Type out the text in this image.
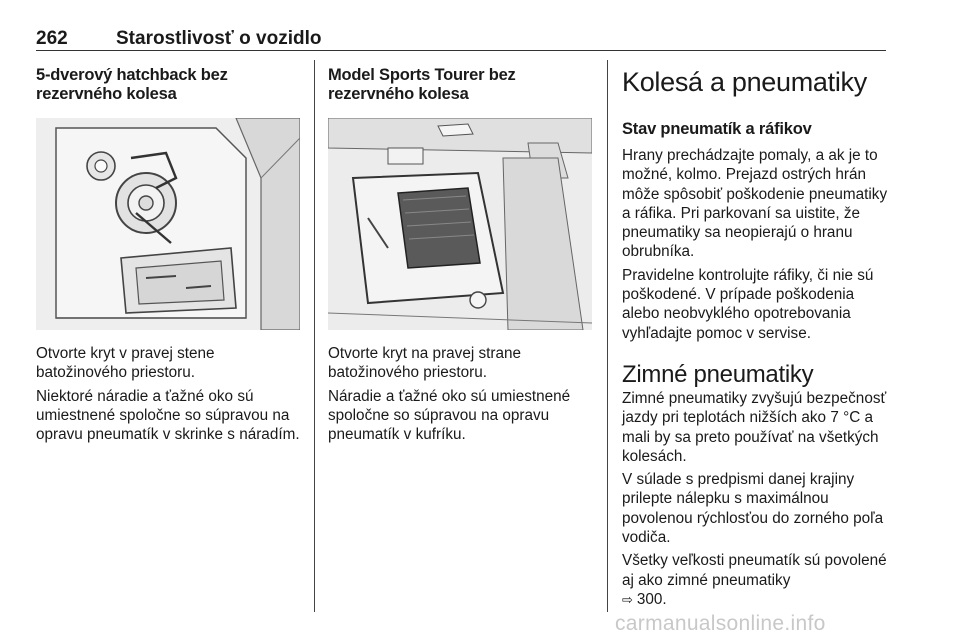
262	Starostlivosť o vozidlo
5-dverový hatchback bez
rezervného kolesa

Otvorte kryt v pravej stene batožinového priestoru.

Niektoré náradie a ťažné oko sú umiestnené spoločne so súpravou na opravu pneumatík v skrinke s náradím.

Model Sports Tourer bez
rezervného kolesa

Otvorte kryt na pravej strane batožinového priestoru.

Náradie a ťažné oko sú umiestnené spoločne so súpravou na opravu pneumatík v kufríku.

Kolesá a pneumatiky
Stav pneumatík a ráfikov

Hrany prechádzajte pomaly, a ak je to možné, kolmo. Prejazd ostrých hrán môže spôsobiť poškodenie pneumatiky a ráfika. Pri parkovaní sa uistite, že pneumatiky sa neopierajú o hranu obrubníka.

Pravidelne kontrolujte ráfiky, či nie sú poškodené. V prípade poškodenia alebo neobvyklého opotrebovania vyhľadajte pomoc v servise.

Zimné pneumatiky

Zimné pneumatiky zvyšujú bezpečnosť jazdy pri teplotách nižších ako 7 °C a mali by sa preto používať na všetkých kolesách.

V súlade s predpismi danej krajiny prilepte nálepku s maximálnou povolenou rýchlosťou do zorného poľa vodiča.

Všetky veľkosti pneumatík sú povolené aj ako zimné pneumatiky
⇨ 300.

carmanualsonline.info
